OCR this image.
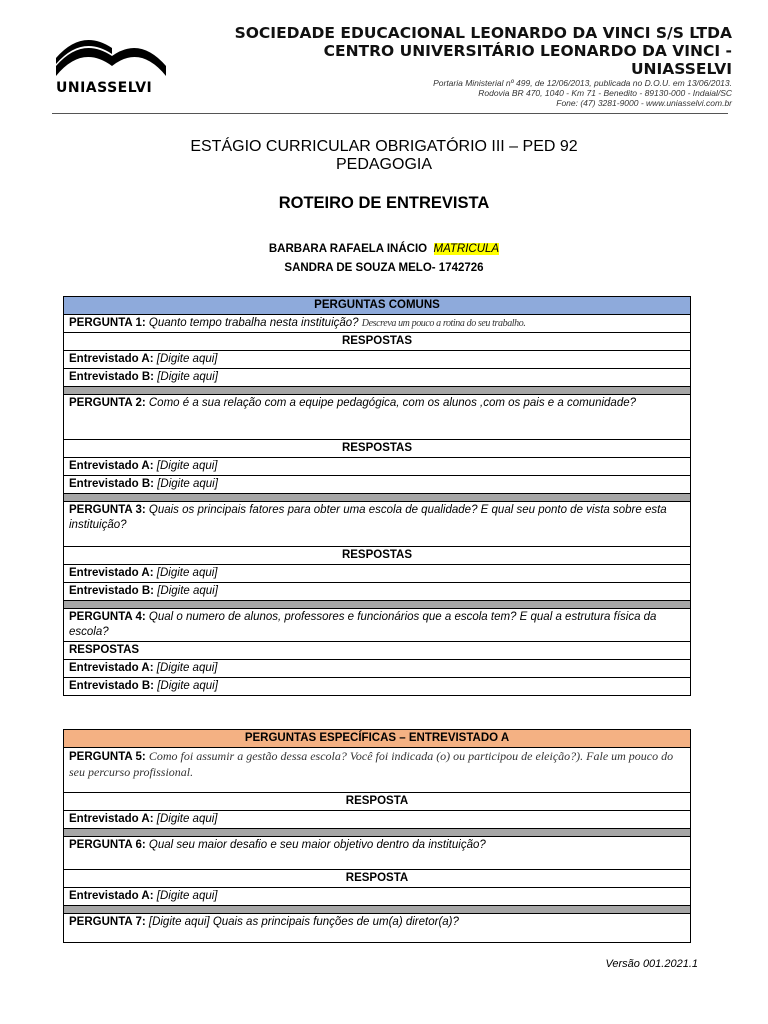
UNIASSELVI
SOCIEDADE EDUCACIONAL LEONARDO DA VINCI S/S LTDA
CENTRO UNIVERSITÁRIO LEONARDO DA VINCI -
UNIASSELVI
Portaria Ministerial nº 499, de 12/06/2013, publicada no D.O.U. em 13/06/2013.
Rodovia BR 470, 1040 - Km 71 - Benedito - 89130-000 - Indaial/SC
Fone: (47) 3281-9000 - www.uniasselvi.com.br
ESTÁGIO CURRICULAR OBRIGATÓRIO III – PED 92
PEDAGOGIA
ROTEIRO DE ENTREVISTA
BARBARA RAFAELA INÁCIO MATRICULA
SANDRA DE SOUZA MELO- 1742726
PERGUNTAS COMUNS
PERGUNTA 1: Quanto tempo trabalha nesta instituição? Descreva um pouco a rotina do seu trabalho.
RESPOSTAS
Entrevistado A: [Digite aqui]
Entrevistado B: [Digite aqui]

PERGUNTA 2: Como é a sua relação com a equipe pedagógica, com os alunos ,com os pais e a comunidade?
RESPOSTAS
Entrevistado A: [Digite aqui]
Entrevistado B: [Digite aqui]

PERGUNTA 3: Quais os principais fatores para obter uma escola de qualidade? E qual seu ponto de vista sobre esta instituição?
RESPOSTAS
Entrevistado A: [Digite aqui]
Entrevistado B: [Digite aqui]

PERGUNTA 4: Qual o numero de alunos, professores e funcionários que a escola tem? E qual a estrutura física da escola?
RESPOSTAS
Entrevistado A: [Digite aqui]
Entrevistado B: [Digite aqui]
PERGUNTAS ESPECÍFICAS – ENTREVISTADO A
PERGUNTA 5: Como foi assumir a gestão dessa escola? Você foi indicada (o) ou participou de eleição?). Fale um pouco do seu percurso profissional.
RESPOSTA
Entrevistado A: [Digite aqui]

PERGUNTA 6: Qual seu maior desafio e seu maior objetivo dentro da instituição?
RESPOSTA
Entrevistado A: [Digite aqui]

PERGUNTA 7: [Digite aqui] Quais as principais funções de um(a) diretor(a)?
Versão 001.2021.1
